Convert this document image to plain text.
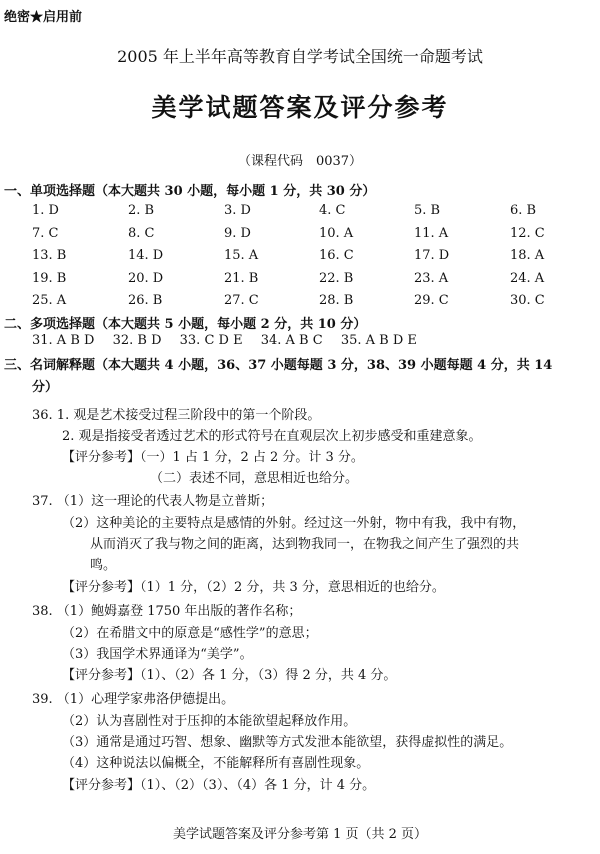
绝密★启用前
2005 年上半年高等教育自学考试全国统一命题考试
美学试题答案及评分参考
（课程代码　0037）
一、单项选择题（本大题共 30 小题，每小题 1 分，共 30 分）
1. D	2. B	3. D	4. C	5. B	6. B
7. C	8. C	9. D	10. A	11. A	12. C
13. B	14. D	15. A	16. C	17. D	18. A
19. B	20. D	21. B	22. B	23. A	24. A
25. A	26. B	27. C	28. B	29. C	30. C
二、多项选择题（本大题共 5 小题，每小题 2 分，共 10 分）
31. A B D 32. B D 33. C D E 34. A B C 35. A B D E
三、名词解释题（本大题共 4 小题，36、37 小题每题 3 分，38、39 小题每题 4 分，共 14
分）
36. 1. 观是艺术接受过程三阶段中的第一个阶段。
2. 观是指接受者透过艺术的形式符号在直观层次上初步感受和重建意象。
【评分参考】（一）1 占 1 分，2 占 2 分。计 3 分。
（二）表述不同，意思相近也给分。
37. （1）这一理论的代表人物是立普斯；
（2）这种美论的主要特点是感情的外射。经过这一外射，物中有我，我中有物，
从而消灭了我与物之间的距离，达到物我同一，在物我之间产生了强烈的共
鸣。
【评分参考】（1）1 分，（2）2 分，共 3 分，意思相近的也给分。
38. （1）鲍姆嘉登 1750 年出版的著作名称；
（2）在希腊文中的原意是“感性学”的意思；
（3）我国学术界通译为“美学”。
【评分参考】（1）、（2）各 1 分，（3）得 2 分，共 4 分。
39. （1）心理学家弗洛伊德提出。
（2）认为喜剧性对于压抑的本能欲望起释放作用。
（3）通常是通过巧智、想象、幽默等方式发泄本能欲望，获得虚拟性的满足。
（4）这种说法以偏概全，不能解释所有喜剧性现象。
【评分参考】（1）、（2）（3）、（4）各 1 分，计 4 分。
美学试题答案及评分参考第 1 页（共 2 页）
